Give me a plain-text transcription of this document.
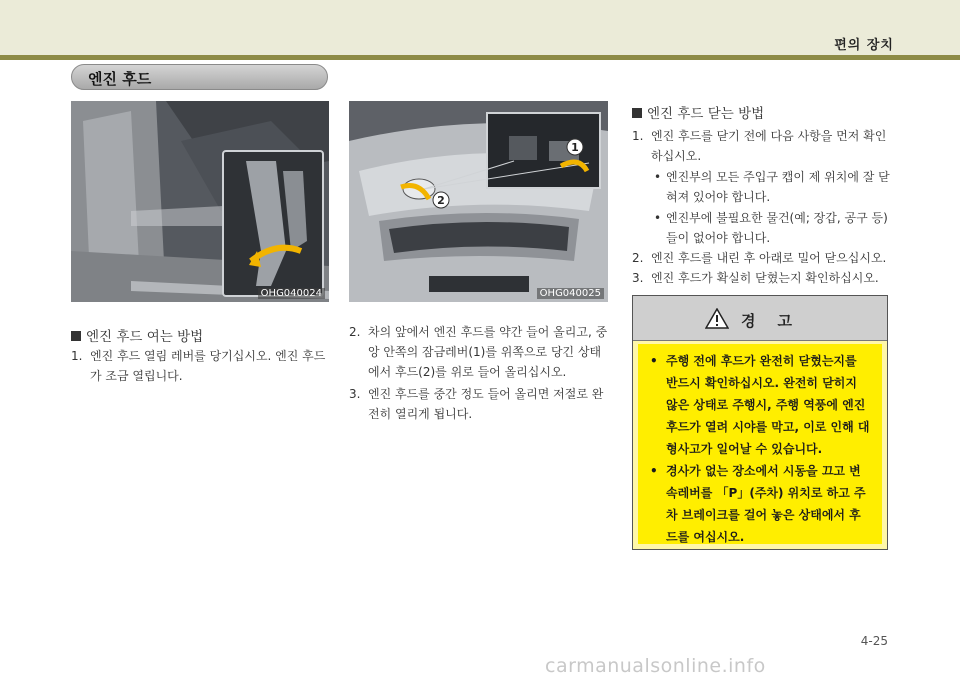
편의 장치
엔진 후드
OHG040024
1
2
OHG040025
엔진 후드 여는 방법
1. 엔진 후드 열림 레버를 당기십시오. 엔진 후드가 조금 열립니다.
2. 차의 앞에서 엔진 후드를 약간 들어 올리고, 중앙 안쪽의 잠금레버(1)를 위쪽으로 당긴 상태에서 후드(2)를 위로 들어 올리십시오.
3. 엔진 후드를 중간 정도 들어 올리면 저절로 완전히 열리게 됩니다.
엔진 후드 닫는 방법
1. 엔진 후드를 닫기 전에 다음 사항을 먼저 확인하십시오.
• 엔진부의 모든 주입구 캡이 제 위치에 잘 닫혀져 있어야 합니다.
• 엔진부에 불필요한 물건(예; 장갑, 공구 등)들이 없어야 합니다.
2. 엔진 후드를 내린 후 아래로 밀어 닫으십시오.
3. 엔진 후드가 확실히 닫혔는지 확인하십시오.
경고
• 주행 전에 후드가 완전히 닫혔는지를 반드시 확인하십시오. 완전히 닫히지 않은 상태로 주행시, 주행 역풍에 엔진후드가 열려 시야를 막고, 이로 인해 대형사고가 일어날 수 있습니다.
• 경사가 없는 장소에서 시동을 끄고 변속레버를 「P」(주차) 위치로 하고 주차 브레이크를 걸어 놓은 상태에서 후드를 여십시오.
4-25
carmanualsonline.info
